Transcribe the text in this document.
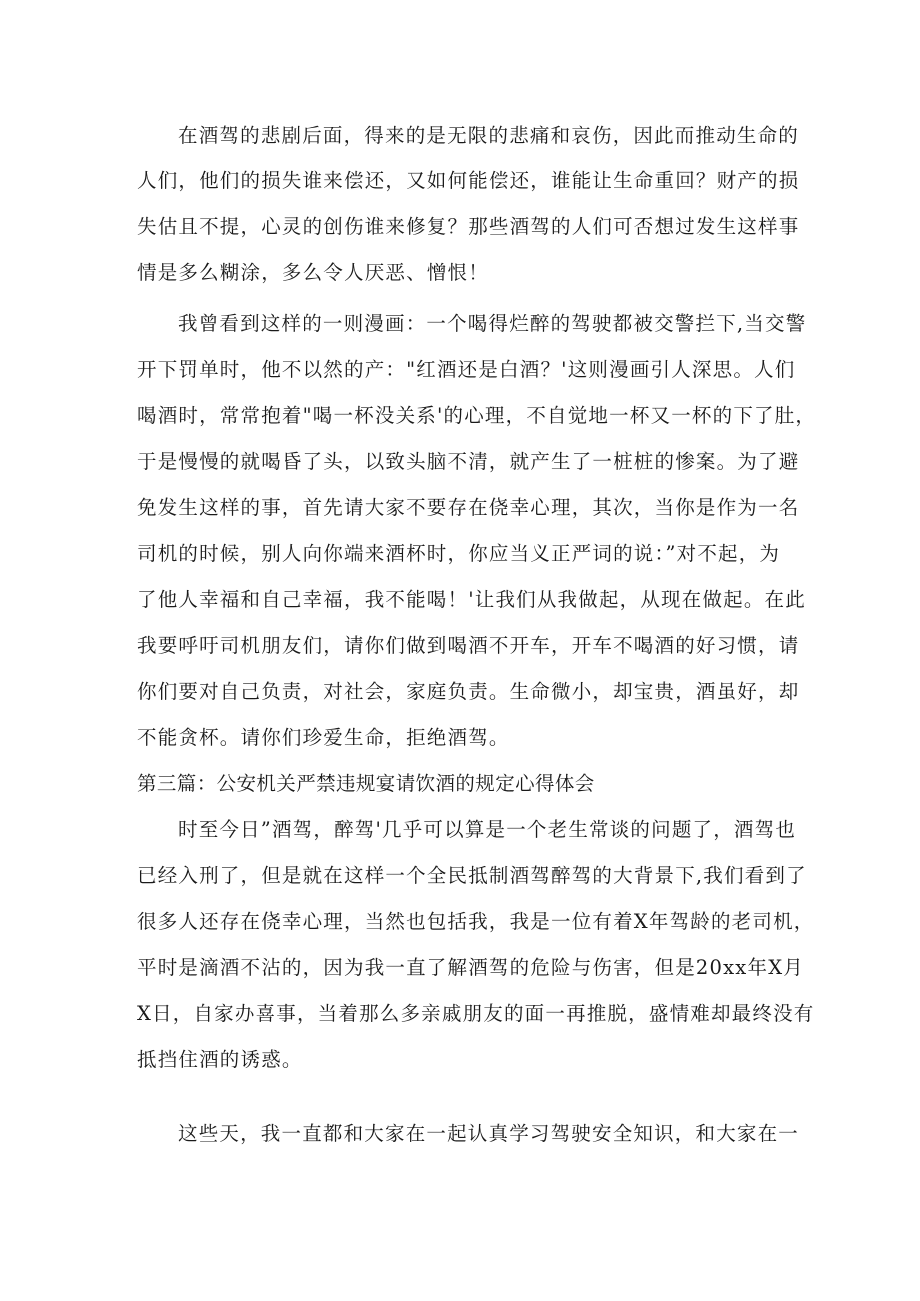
在酒驾的悲剧后面，得来的是无限的悲痛和哀伤，因此而推动生命的
人们，他们的损失谁来偿还，又如何能偿还，谁能让生命重回？财产的损
失估且不提，心灵的创伤谁来修复？那些酒驾的人们可否想过发生这样事
情是多么糊涂，多么令人厌恶、憎恨！
我曾看到这样的一则漫画：一个喝得烂醉的驾驶都被交警拦下,当交警
开下罚单时，他不以然的产："红酒还是白酒？'这则漫画引人深思。人们
喝酒时，常常抱着"喝一杯没关系'的心理，不自觉地一杯又一杯的下了肚，
于是慢慢的就喝昏了头，以致头脑不清，就产生了一桩桩的惨案。为了避
免发生这样的事，首先请大家不要存在侥幸心理，其次，当你是作为一名
司机的时候，别人向你端来酒杯时，你应当义正严词的说：”对不起，为
了他人幸福和自己幸福，我不能喝！'让我们从我做起，从现在做起。在此
我要呼吁司机朋友们，请你们做到喝酒不开车，开车不喝酒的好习惯，请
你们要对自己负责，对社会，家庭负责。生命微小，却宝贵，酒虽好，却
不能贪杯。请你们珍爱生命，拒绝酒驾。
第三篇：公安机关严禁违规宴请饮酒的规定心得体会
时至今日”酒驾，醉驾'几乎可以算是一个老生常谈的问题了，酒驾也
已经入刑了，但是就在这样一个全民抵制酒驾醉驾的大背景下,我们看到了
很多人还存在侥幸心理，当然也包括我，我是一位有着X年驾龄的老司机，
平时是滴酒不沾的，因为我一直了解酒驾的危险与伤害，但是20xx年X月
X日，自家办喜事，当着那么多亲戚朋友的面一再推脱，盛情难却最终没有
抵挡住酒的诱惑。
这些天，我一直都和大家在一起认真学习驾驶安全知识，和大家在一
